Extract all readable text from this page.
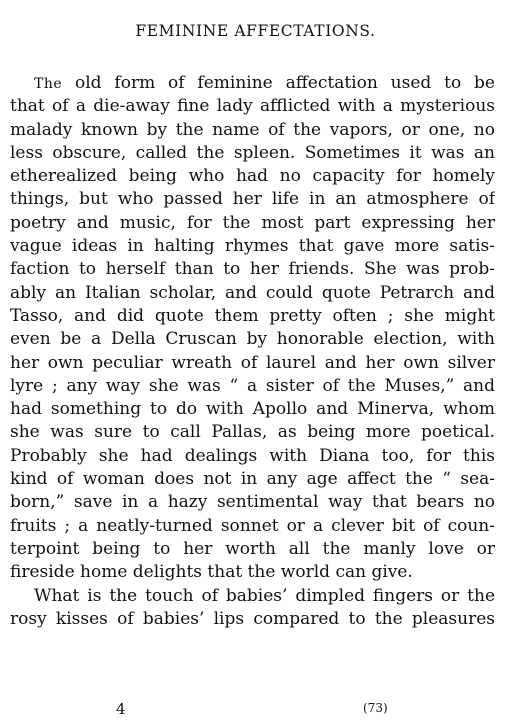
FEMININE AFFECTATIONS.
The old form of feminine affectation used to be
that of a die-away fine lady afflicted with a mysterious
malady known by the name of the vapors, or one, no
less obscure, called the spleen. Sometimes it was an
etherealized being who had no capacity for homely
things, but who passed her life in an atmosphere of
poetry and music, for the most part expressing her
vague ideas in halting rhymes that gave more satis-
faction to herself than to her friends. She was prob-
ably an Italian scholar, and could quote Petrarch and
Tasso, and did quote them pretty often ; she might
even be a Della Cruscan by honorable election, with
her own peculiar wreath of laurel and her own silver
lyre ; any way she was “ a sister of the Muses,” and
had something to do with Apollo and Minerva, whom
she was sure to call Pallas, as being more poetical.
Probably she had dealings with Diana too, for this
kind of woman does not in any age affect the “ sea-
born,” save in a hazy sentimental way that bears no
fruits ; a neatly-turned sonnet or a clever bit of coun-
terpoint being to her worth all the manly love or
fireside home delights that the world can give.
What is the touch of babies’ dimpled fingers or the
rosy kisses of babies’ lips compared to the pleasures
4	(73)
